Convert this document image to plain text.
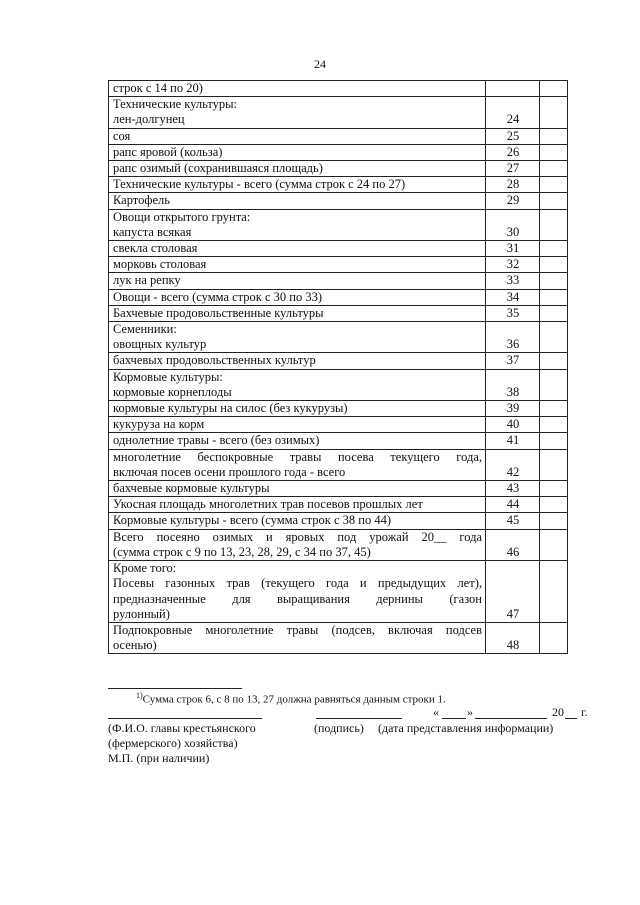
24
строк с 14 по 20)		

Технические культуры:
лен-долгунец	24	

соя	25	

рапс яровой (кольза)	26	

рапс озимый (сохранившаяся площадь)	27	

Технические культуры - всего (сумма строк с 24 по 27)	28	

Картофель	29	

Овощи открытого грунта:
капуста всякая	30	

свекла столовая	31	

морковь столовая	32	

лук на репку	33	

Овощи - всего (сумма строк с 30 по 33)	34	

Бахчевые продовольственные культуры	35	

Семенники:
овощных культур	36	

бахчевых продовольственных культур	37	

Кормовые культуры:
кормовые корнеплоды	38	

кормовые культуры на силос (без кукурузы)	39	

кукуруза на корм	40	

однолетние травы - всего (без озимых)	41	

многолетние беспокровные травы посева текущего года,
включая посев осени прошлого года - всего	42	

бахчевые кормовые культуры	43	

Укосная площадь многолетних трав посевов прошлых лет	44	

Кормовые культуры - всего (сумма строк с 38 по 44)	45	

Всего посеяно озимых и яровых под урожай 20__ года
(сумма строк с 9 по 13, 23, 28, 29, с 34 по 37, 45)	46	

Кроме того:
Посевы газонных трав (текущего года и предыдущих лет),
предназначенные для выращивания дернины (газон
рулонный)	47	

Подпокровные многолетние травы (подсев, включая подсев
осенью)	48	
$^{1)}$Сумма строк 6, с 8 по 13, 27 должна равняться данным строки 1.
« »	20 г.
(Ф.И.О. главы крестьянского	(подпись) (дата представления информации)
(фермерского) хозяйства)
М.П. (при наличии)
